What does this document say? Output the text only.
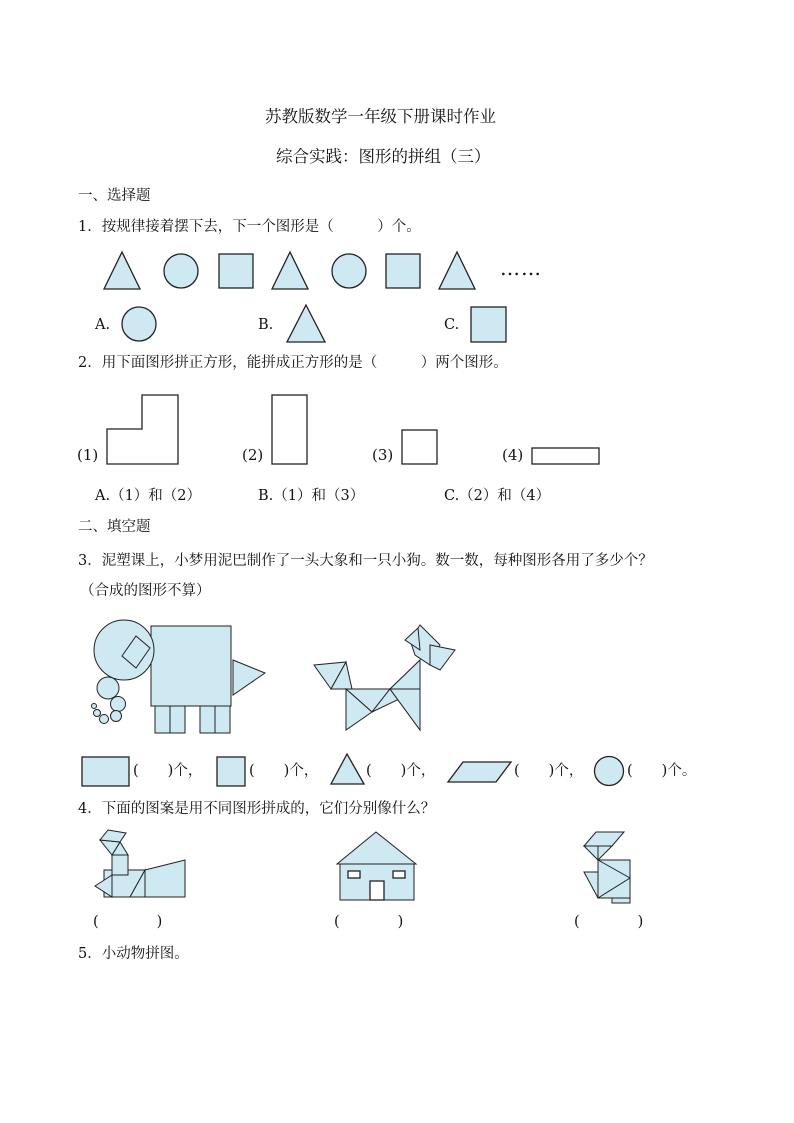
苏教版数学一年级下册课时作业
综合实践：图形的拼组（三）
一、选择题
1．按规律接着摆下去，下一个图形是（　　　）个。
……
A.	B.	C.
2．用下面图形拼正方形，能拼成正方形的是（　　　）两个图形。
(1)	(2)	(3)	(4)
A.（1）和（2）	B.（1）和（3）	C.（2）和（4）
二、填空题
3．泥塑课上，小梦用泥巴制作了一头大象和一只小狗。数一数，每种图形各用了多少个？
（合成的图形不算）
(　　)个，	(　　)个，	(　　)个，	(　　)个，	(　　)个。
4．下面的图案是用不同图形拼成的，它们分别像什么？
(　　　　)	(　　　　)	(　　　　)
5．小动物拼图。
